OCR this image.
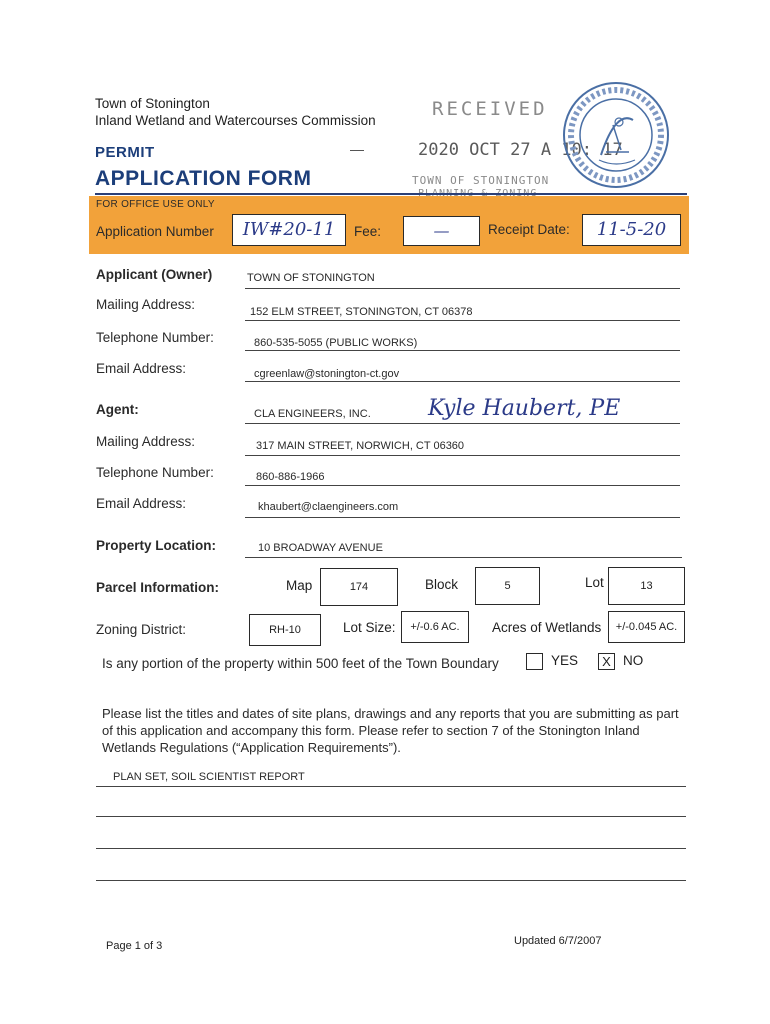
Town of Stonington
Inland Wetland and Watercourses Commission
PERMIT
APPLICATION FORM
RECEIVED
2020 OCT 27 A 10: 17
TOWN OF STONINGTON
FOR OFFICE USE ONLY
Application Number	IW#20-11	Fee:	—	Receipt Date:	11-5-20
Applicant (Owner)	TOWN OF STONINGTON
Mailing Address:	152 ELM STREET, STONINGTON, CT 06378
Telephone Number:	860-535-5055 (PUBLIC WORKS)
Email Address:	cgreenlaw@stonington-ct.gov
Agent:	CLA ENGINEERS, INC.	Kyle Haubert, PE
Mailing Address:	317 MAIN STREET, NORWICH, CT 06360
Telephone Number:	860-886-1966
Email Address:	khaubert@claengineers.com
Property Location:	10 BROADWAY AVENUE
Parcel Information:	Map	174	Block	5	Lot	13
Zoning District:	RH-10	Lot Size:	+/-0.6 AC.	Acres of Wetlands	+/-0.045 AC.
Is any portion of the property within 500 feet of the Town Boundary	YES	X NO
Please list the titles and dates of site plans, drawings and any reports that you are submitting as part of this application and accompany this form. Please refer to section 7 of the Stonington Inland Wetlands Regulations (“Application Requirements”).
PLAN SET, SOIL SCIENTIST REPORT
Page 1 of 3	Updated 6/7/2007
